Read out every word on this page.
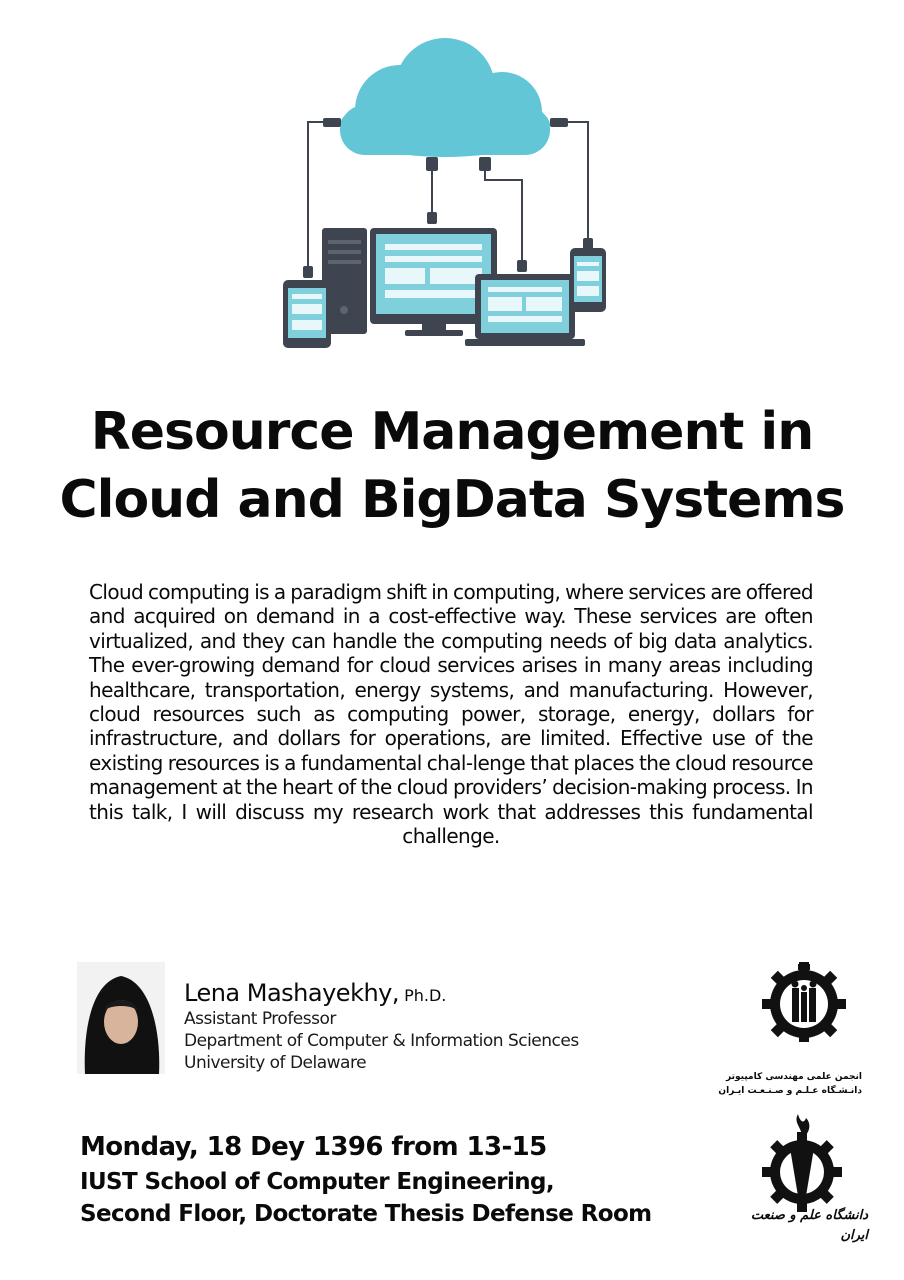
Resource Management in
Cloud and BigData Systems

Cloud computing is a paradigm shift in computing, where services are offered and acquired on demand in a cost-effective way. These services are often virtualized, and they can handle the computing needs of big data analytics. The ever-growing demand for cloud services arises in many areas including healthcare, transportation, energy systems, and manufacturing. However, cloud resources such as computing power, storage, energy, dollars for infrastructure, and dollars for operations, are limited. Effective use of the existing resources is a fundamental chal-lenge that places the cloud resource management at the heart of the cloud providers’ decision-making process. In this talk, I will discuss my research work that addresses this fundamental challenge.

Lena Mashayekhy, Ph.D.
Assistant Professor
Department of Computer & Information Sciences
University of Delaware
انجمن علمی مهندسی کامپیوتر
دانـشـگاه عـلـم و صـنـعـت ایـران
دانشگاه علم و صنعت ایران
Monday, 18 Dey 1396 from 13-15
IUST School of Computer Engineering,
Second Floor, Doctorate Thesis Defense Room
